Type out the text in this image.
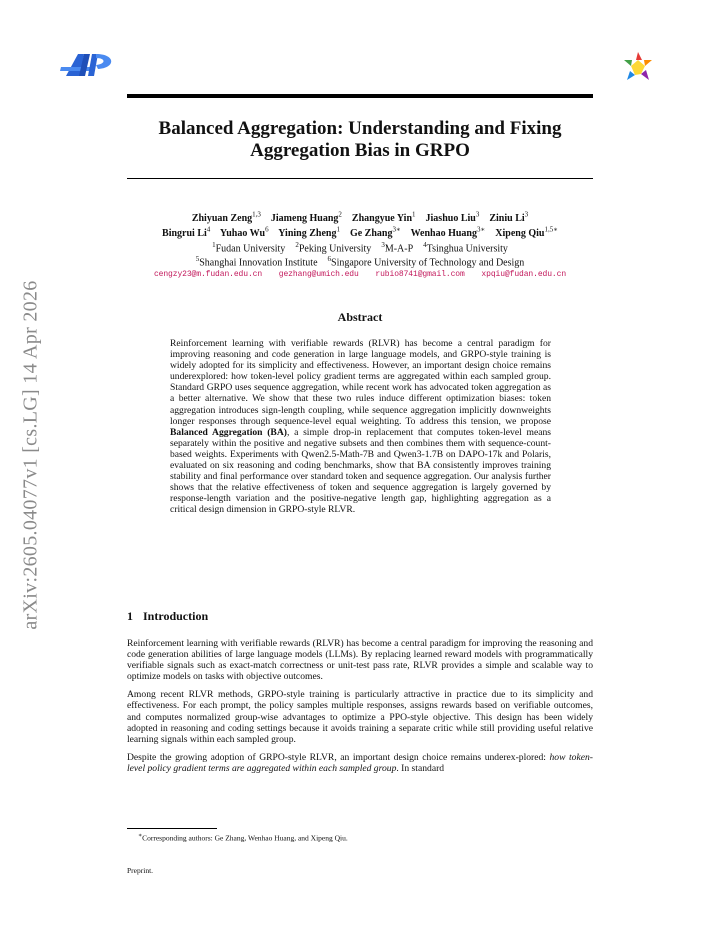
Balanced Aggregation: Understanding and Fixing Aggregation Bias in GRPO
Zhiyuan Zeng$^{1,3}$ Jiameng Huang$^2$ Zhangyue Yin$^1$ Jiashuo Liu$^3$ Ziniu Li$^3$
Bingrui Li$^4$ Yuhao Wu$^6$ Yining Zheng$^1$ Ge Zhang$^{3∗}$ Wenhao Huang$^{3∗}$ Xipeng Qiu$^{1,5∗}$
$^1$Fudan University $^2$Peking University $^3$M-A-P $^4$Tsinghua University
$^5$Shanghai Innovation Institute $^6$Singapore University of Technology and Design
cengzy23@m.fudan.edu.cn gezhang@umich.edu rubio8741@gmail.com xpqiu@fudan.edu.cn
arXiv:2605.04077v1 [cs.LG] 14 Apr 2026	Abstract
Reinforcement learning with verifiable rewards (RLVR) has become a central paradigm for improving reasoning and code generation in large language models, and GRPO-style training is widely adopted for its simplicity and effectiveness. However, an important design choice remains underexplored: how token-level policy gradient terms are aggregated within each sampled group. Standard GRPO uses sequence aggregation, while recent work has advocated token aggregation as a better alternative. We show that these two rules induce different optimization biases: token aggregation introduces sign-length coupling, while sequence aggregation implicitly downweights longer responses through sequence-level equal weighting. To address this tension, we propose Balanced Aggregation (BA), a simple drop-in replacement that computes token-level means separately within the positive and negative subsets and then combines them with sequence-count-based weights. Experiments with Qwen2.5-Math-7B and Qwen3-1.7B on DAPO-17k and Polaris, evaluated on six reasoning and coding benchmarks, show that BA consistently improves training stability and final performance over standard token and sequence aggregation. Our analysis further shows that the relative effectiveness of token and sequence aggregation is largely governed by response-length variation and the positive-negative length gap, highlighting aggregation as a critical design dimension in GRPO-style RLVR.
1 Introduction

Reinforcement learning with verifiable rewards (RLVR) has become a central paradigm for improving the reasoning and code generation abilities of large language models (LLMs). By replacing learned reward models with programmatically verifiable signals such as exact-match correctness or unit-test pass rate, RLVR provides a simple and scalable way to optimize models on tasks with objective outcomes.

Among recent RLVR methods, GRPO-style training is particularly attractive in practice due to its simplicity and effectiveness. For each prompt, the policy samples multiple responses, assigns rewards based on verifiable outcomes, and computes normalized group-wise advantages to optimize a PPO-style objective. This design has been widely adopted in reasoning and coding settings because it avoids training a separate critic while still providing useful relative learning signals within each sampled group.

Despite the growing adoption of GRPO-style RLVR, an important design choice remains underex-plored: how token-level policy gradient terms are aggregated within each sampled group. In standard

∗Corresponding authors: Ge Zhang, Wenhao Huang, and Xipeng Qiu.
Preprint.
